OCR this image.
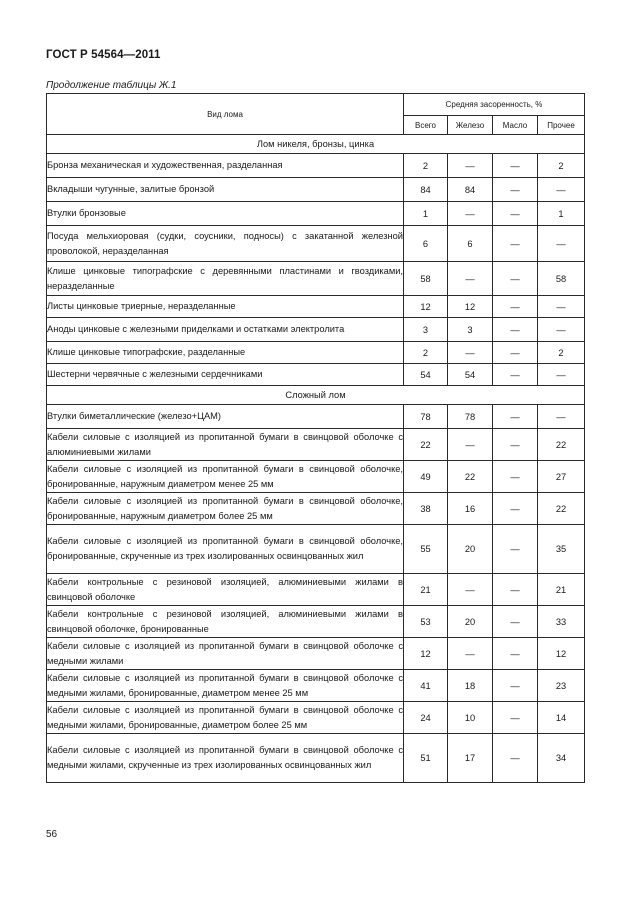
ГОСТ Р 54564—2011
Продолжение таблицы Ж.1
Вид лома	Средняя засоренность, %			
	Всего	Железо	Масло	Прочее
Лом никеля, бронзы, цинка				
Бронза механическая и художественная, разделанная	2	—	—	2
Вкладыши чугунные, залитые бронзой	84	84	—	—
Втулки бронзовые	1	—	—	1
Посуда мельхиоровая (судки, соусники, подносы) с закатанной железной проволокой, неразделанная	6	6	—	—
Клише цинковые типографские с деревянными пластинами и гвоздиками, неразделанные	58	—	—	58
Листы цинковые триерные, неразделанные	12	12	—	—
Аноды цинковые с железными приделками и остатками электролита	3	3	—	—
Клише цинковые типографские, разделанные	2	—	—	2
Шестерни червячные с железными сердечниками	54	54	—	—
Сложный лом				
Втулки биметаллические (железо+ЦАМ)	78	78	—	—
Кабели силовые с изоляцией из пропитанной бумаги в свинцовой оболочке с алюминиевыми жилами	22	—	—	22
Кабели силовые с изоляцией из пропитанной бумаги в свинцовой оболочке, бронированные, наружным диаметром менее 25 мм	49	22	—	27
Кабели силовые с изоляцией из пропитанной бумаги в свинцовой оболочке, бронированные, наружным диаметром более 25 мм	38	16	—	22
Кабели силовые с изоляцией из пропитанной бумаги в свинцовой оболочке, бронированные, скрученные из трех изолированных освинцованных жил	55	20	—	35
Кабели контрольные с резиновой изоляцией, алюминиевыми жилами в свинцовой оболочке	21	—	—	21
Кабели контрольные с резиновой изоляцией, алюминиевыми жилами в свинцовой оболочке, бронированные	53	20	—	33
Кабели силовые с изоляцией из пропитанной бумаги в свинцовой оболочке с медными жилами	12	—	—	12
Кабели силовые с изоляцией из пропитанной бумаги в свинцовой оболочке с медными жилами, бронированные, диаметром менее 25 мм	41	18	—	23
Кабели силовые с изоляцией из пропитанной бумаги в свинцовой оболочке с медными жилами, бронированные, диаметром более 25 мм	24	10	—	14
Кабели силовые с изоляцией из пропитанной бумаги в свинцовой оболочке с медными жилами, скрученные из трех изолированных освинцованных жил	51	17	—	34
56
